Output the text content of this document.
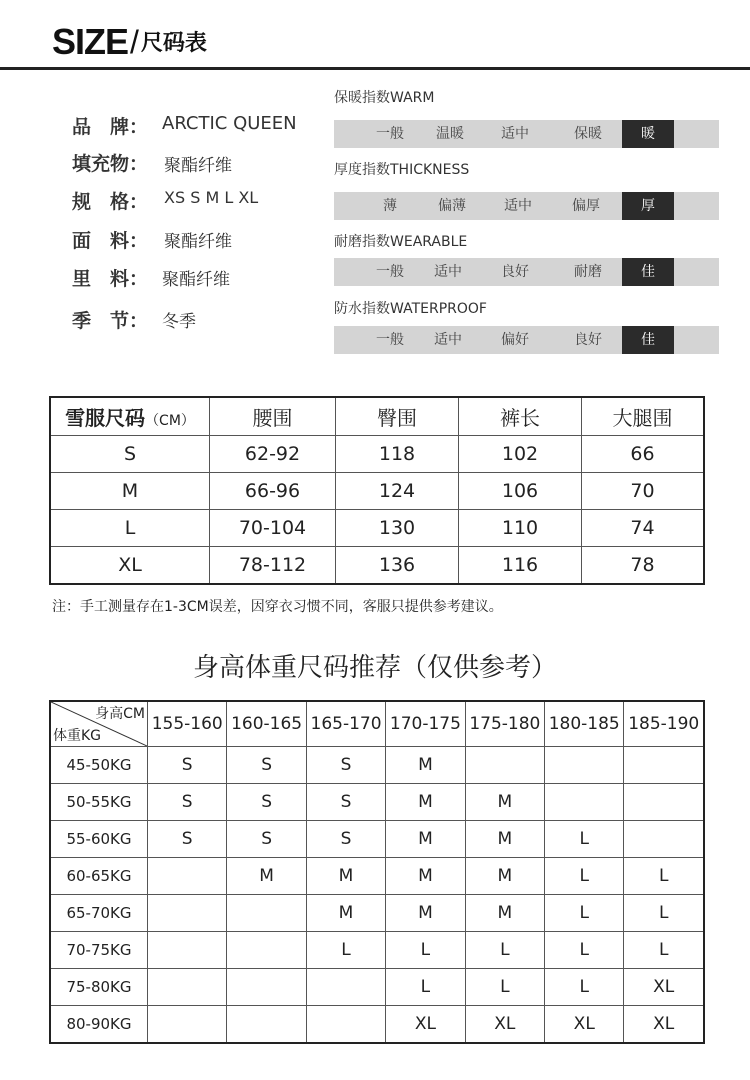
SIZE / 尺码表
品　牌： ARCTIC QUEEN
填充物： 聚酯纤维
规　格： XS S M L XL
面　料： 聚酯纤维
里　料： 聚酯纤维
季　节： 冬季
保暖指数WARM
一般	温暖	适中	保暖	暖
厚度指数THICKNESS
薄	偏薄	适中	偏厚	厚
耐磨指数WEARABLE
一般	适中	良好	耐磨	佳
防水指数WATERPROOF
一般	适中	偏好	良好	佳
雪服尺码（CM）	腰围	臀围	裤长	大腿围
S	62-92	118	102	66
M	66-96	124	106	70
L	70-104	130	110	74
XL	78-112	136	116	78
注：手工测量存在1-3CM误差，因穿衣习惯不同，客服只提供参考建议。
身高体重尺码推荐（仅供参考）
身高CM
体重KG	155-160	160-165	165-170	170-175	175-180	180-185	185-190
45-50KG	S	S	S	M			
50-55KG	S	S	S	M	M		
55-60KG	S	S	S	M	M	L	
60-65KG		M	M	M	M	L	L
65-70KG			M	M	M	L	L
70-75KG			L	L	L	L	L
75-80KG				L	L	L	XL
80-90KG				XL	XL	XL	XL
